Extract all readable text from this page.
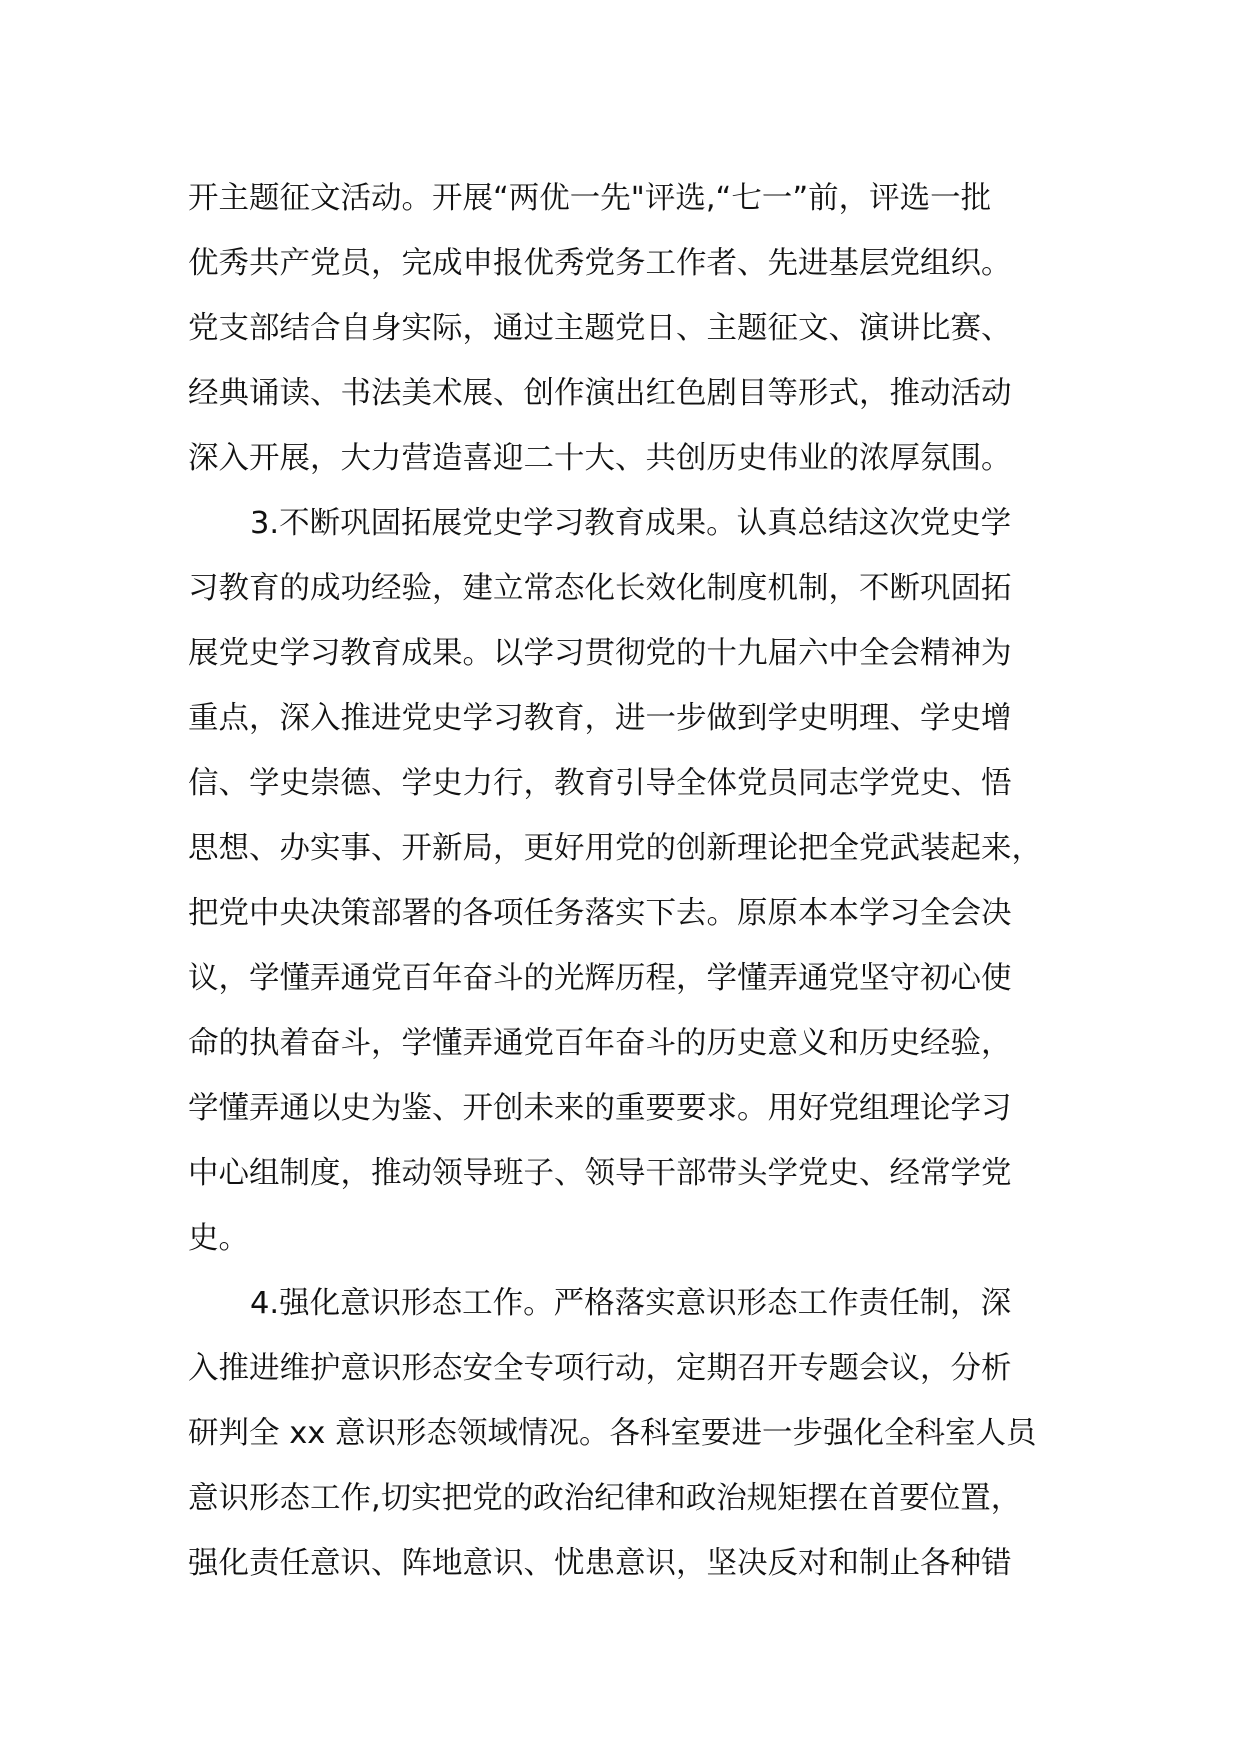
开主题征文活动。开展“两优一先"评选,“七一”前，评选一批
优秀共产党员，完成申报优秀党务工作者、先进基层党组织。
党支部结合自身实际，通过主题党日、主题征文、演讲比赛、
经典诵读、书法美术展、创作演出红色剧目等形式，推动活动
深入开展，大力营造喜迎二十大、共创历史伟业的浓厚氛围。
3.不断巩固拓展党史学习教育成果。认真总结这次党史学
习教育的成功经验，建立常态化长效化制度机制，不断巩固拓
展党史学习教育成果。以学习贯彻党的十九届六中全会精神为
重点，深入推进党史学习教育，进一步做到学史明理、学史增
信、学史崇德、学史力行，教育引导全体党员同志学党史、悟
思想、办实事、开新局，更好用党的创新理论把全党武装起来，
把党中央决策部署的各项任务落实下去。原原本本学习全会决
议，学懂弄通党百年奋斗的光辉历程，学懂弄通党坚守初心使
命的执着奋斗，学懂弄通党百年奋斗的历史意义和历史经验，
学懂弄通以史为鉴、开创未来的重要要求。用好党组理论学习
中心组制度，推动领导班子、领导干部带头学党史、经常学党
史。
4.强化意识形态工作。严格落实意识形态工作责任制，深
入推进维护意识形态安全专项行动，定期召开专题会议，分析
研判全 xx 意识形态领域情况。各科室要进一步强化全科室人员
意识形态工作,切实把党的政治纪律和政治规矩摆在首要位置，
强化责任意识、阵地意识、忧患意识，坚决反对和制止各种错
